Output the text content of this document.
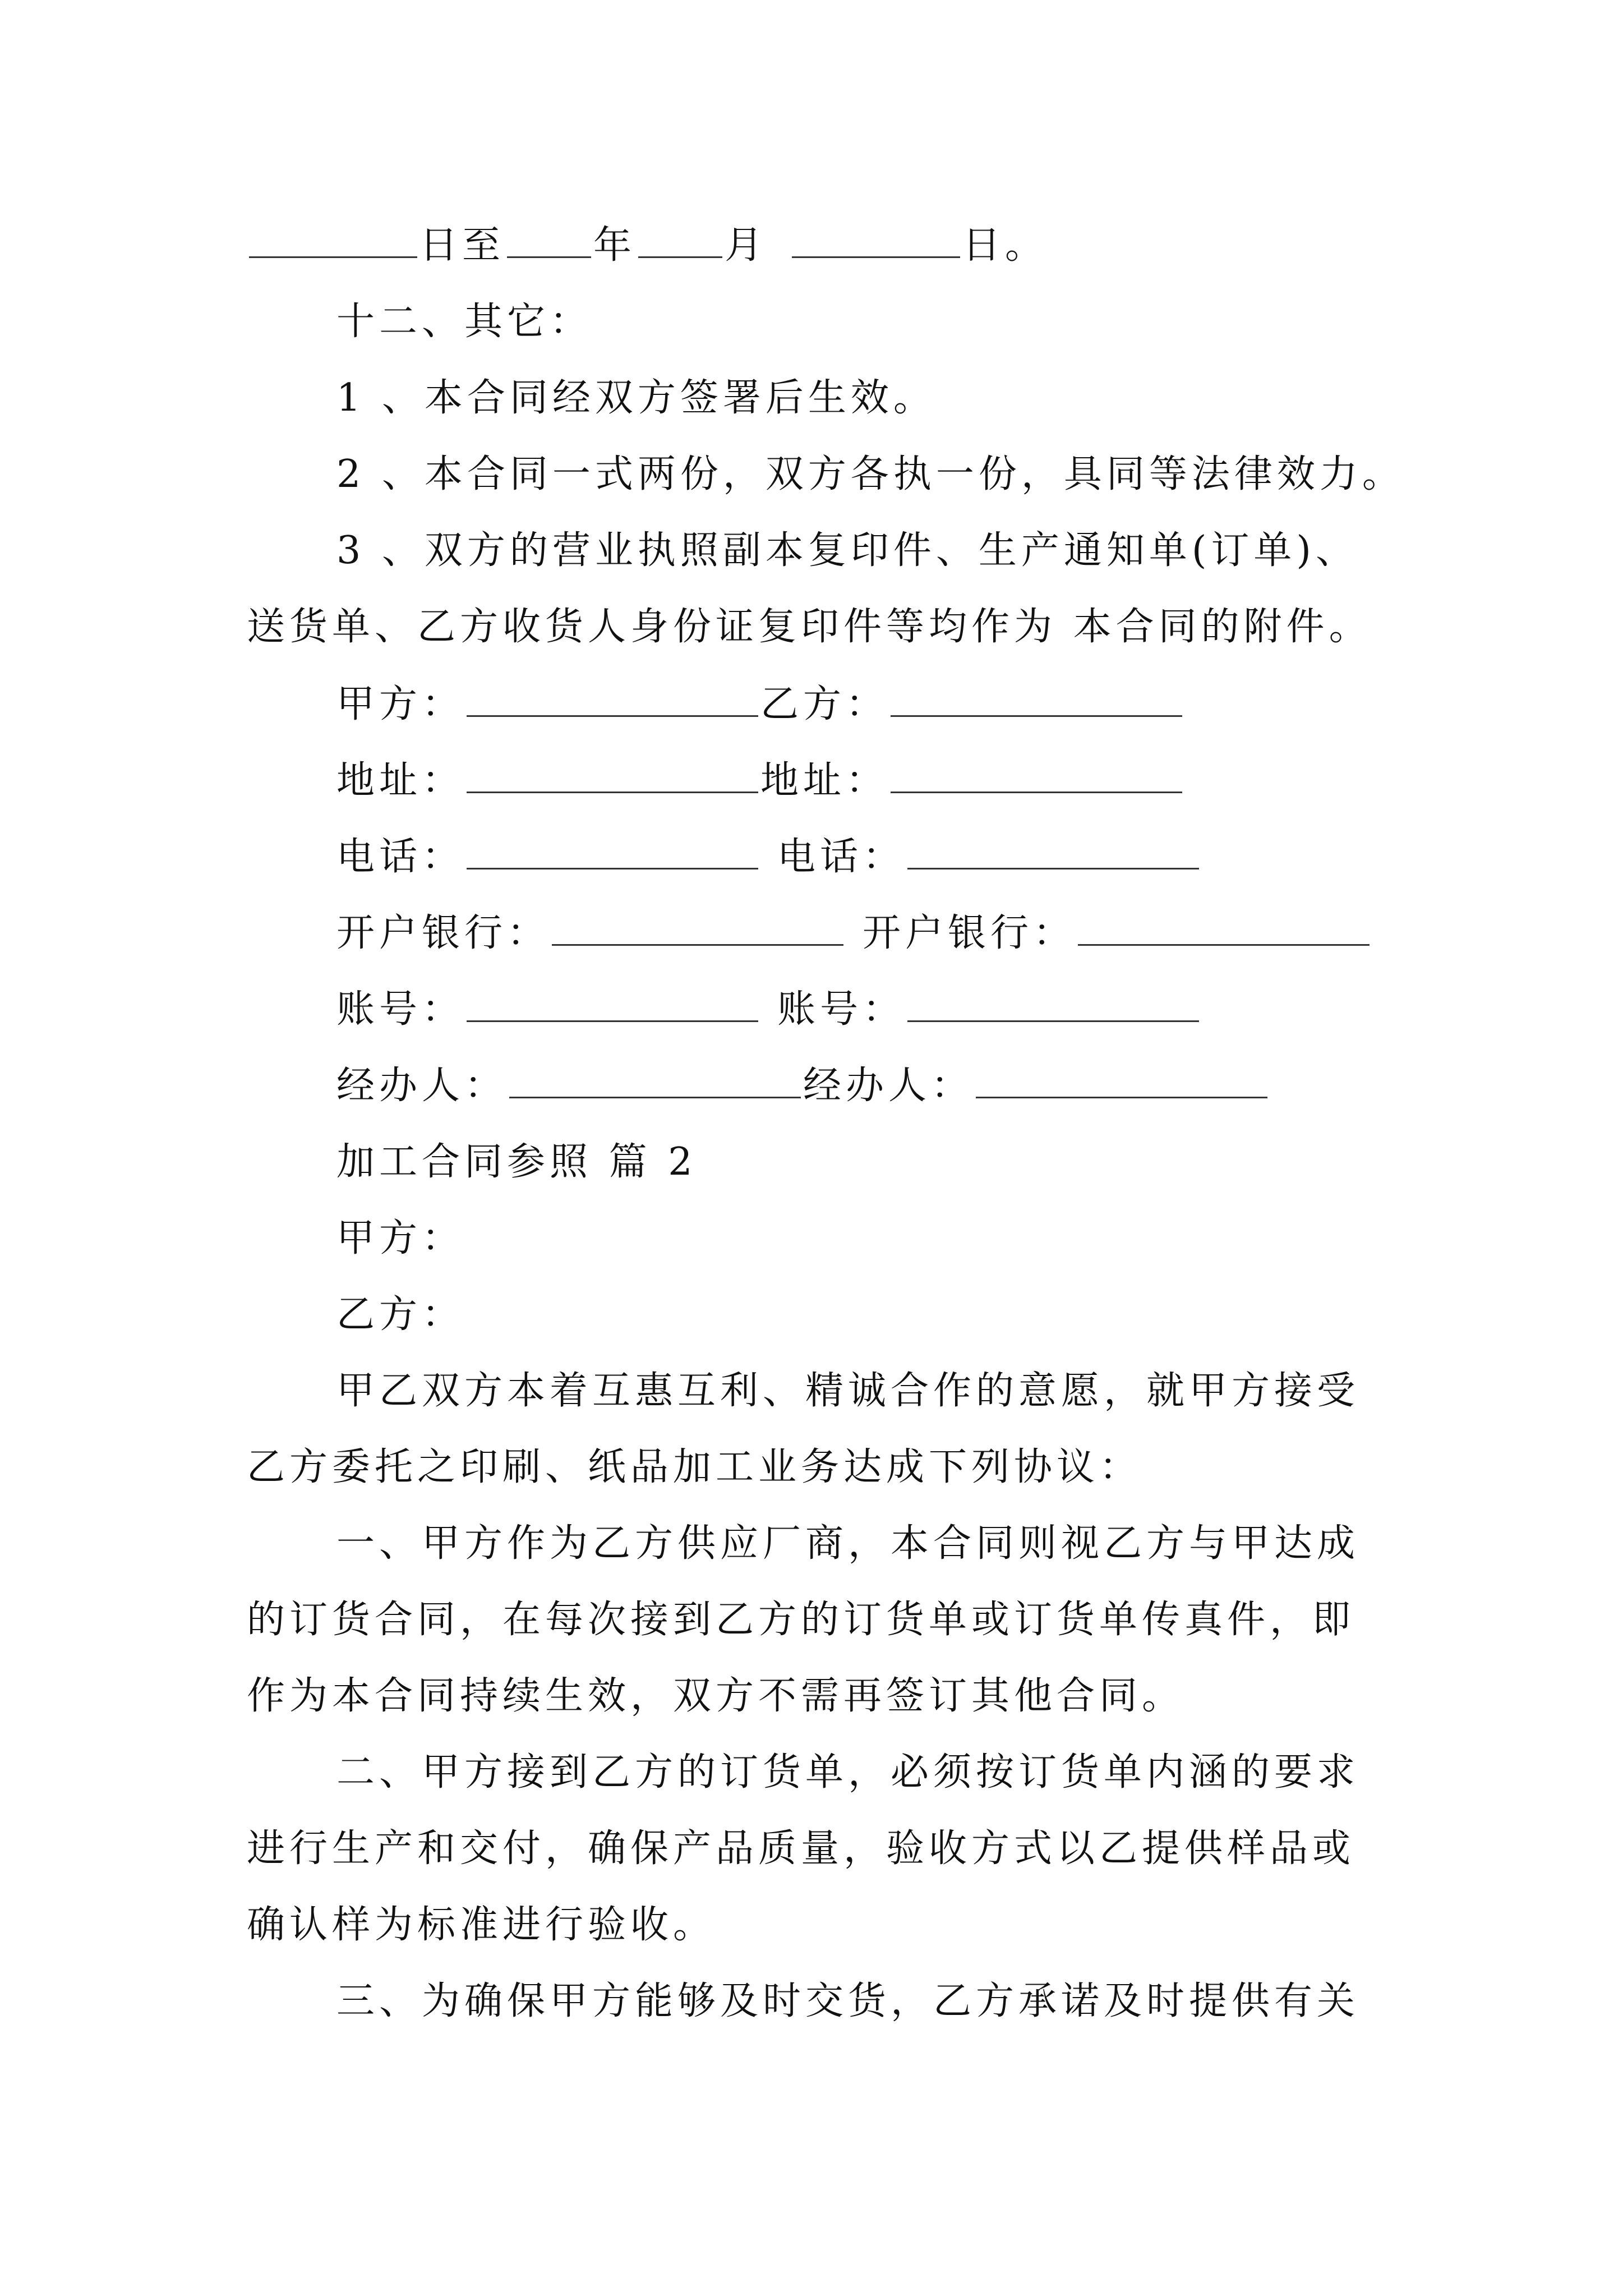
日至 年 月	日。
十二、其它：
1 、本合同经双方签署后生效。
2 、本合同一式两份，双方各执一份，具同等法律效力。
3 、双方的营业执照副本复印件、生产通知单(订单)、
送货单、乙方收货人身份证复印件等均作为 本合同的附件。
甲方：	乙方：
地址：	地址：
电话：	电话：
开户银行：	开户银行：
账号：	账号：
经办人：	经办人：
加工合同参照 篇 2
甲方：
乙方：
甲乙双方本着互惠互利、精诚合作的意愿，就甲方接受
乙方委托之印刷、纸品加工业务达成下列协议：
一、甲方作为乙方供应厂商，本合同则视乙方与甲达成
的订货合同，在每次接到乙方的订货单或订货单传真件，即
作为本合同持续生效，双方不需再签订其他合同。
二、甲方接到乙方的订货单，必须按订货单内涵的要求
进行生产和交付，确保产品质量，验收方式以乙提供样品或
确认样为标准进行验收。
三、为确保甲方能够及时交货，乙方承诺及时提供有关
